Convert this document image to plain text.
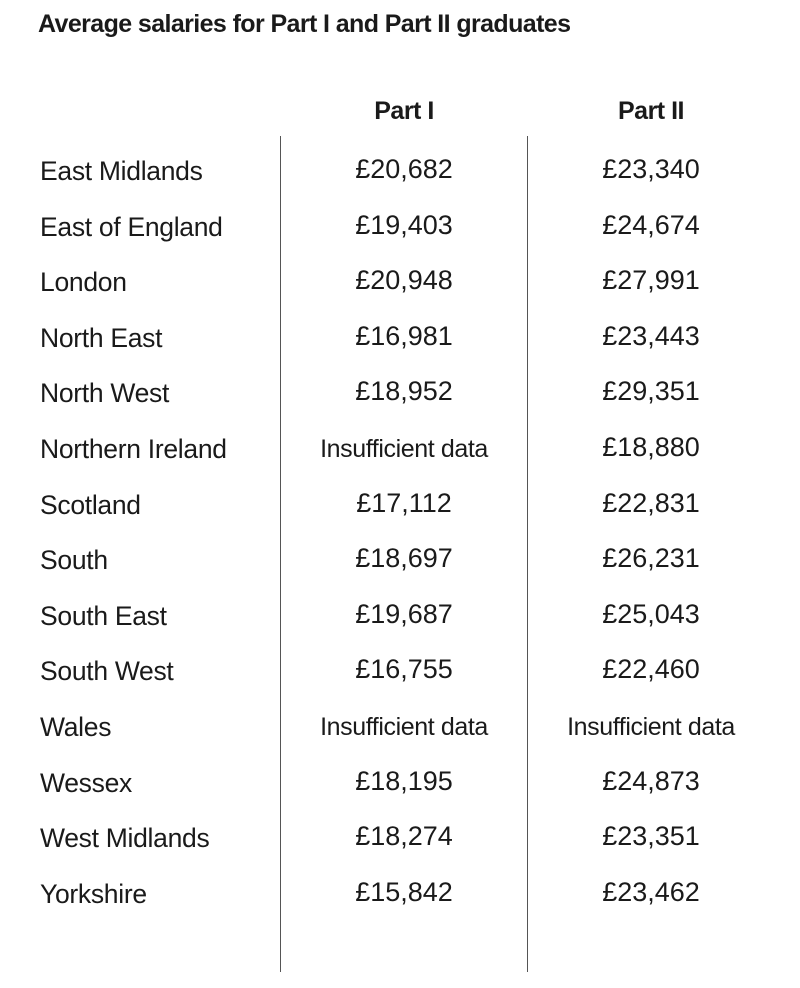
Average salaries for Part I and Part II graduates
Part I	Part II
East Midlands	£20,682	£23,340
East of England	£19,403	£24,674
London	£20,948	£27,991
North East	£16,981	£23,443
North West	£18,952	£29,351
Northern Ireland	Insufficient data	£18,880
Scotland	£17,112	£22,831
South	£18,697	£26,231
South East	£19,687	£25,043
South West	£16,755	£22,460
Wales	Insufficient data	Insufficient data
Wessex	£18,195	£24,873
West Midlands	£18,274	£23,351
Yorkshire	£15,842	£23,462
